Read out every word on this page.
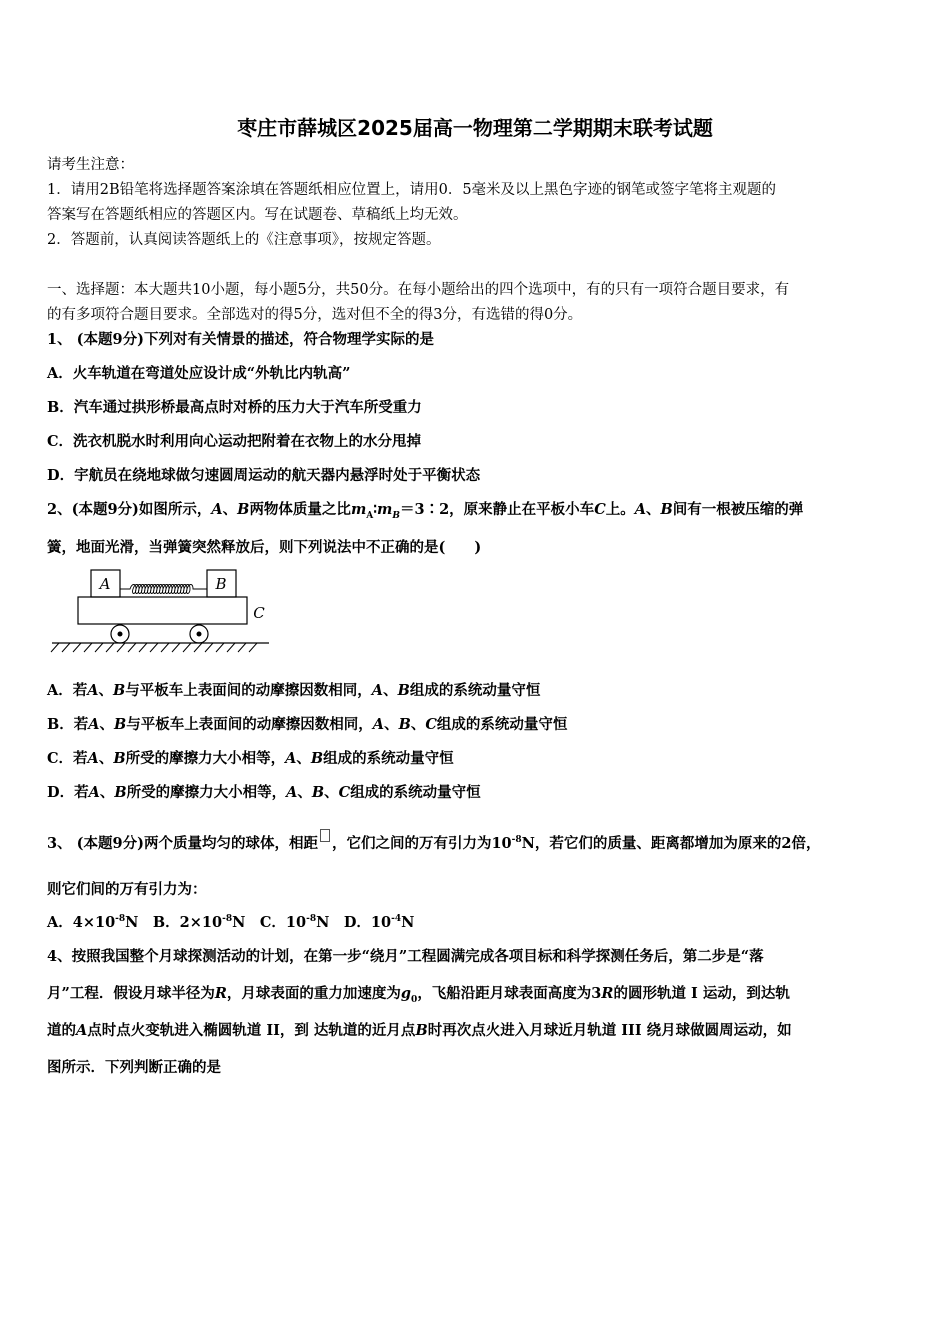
枣庄市薛城区2025届高一物理第二学期期末联考试题
请考生注意：
1．请用2B铅笔将选择题答案涂填在答题纸相应位置上，请用0．5毫米及以上黑色字迹的钢笔或签字笔将主观题的
答案写在答题纸相应的答题区内。写在试题卷、草稿纸上均无效。
2．答题前，认真阅读答题纸上的《注意事项》，按规定答题。
一、选择题：本大题共10小题，每小题5分，共50分。在每小题给出的四个选项中，有的只有一项符合题目要求，有
的有多项符合题目要求。全部选对的得5分，选对但不全的得3分，有选错的得0分。
1、 (本题9分)下列对有关情景的描述，符合物理学实际的是
A．火车轨道在弯道处应设计成“外轨比内轨高”
B．汽车通过拱形桥最高点时对桥的压力大于汽车所受重力
C．洗衣机脱水时利用向心运动把附着在衣物上的水分甩掉
D．宇航员在绕地球做匀速圆周运动的航天器内悬浮时处于平衡状态
2、(本题9分)如图所示，A、B两物体质量之比$m_A∶m_B=3∶2$，原来静止在平板小车C上。A、B间有一根被压缩的弹
簧，地面光滑，当弹簧突然释放后，则下列说法中不正确的是(　　)
A	B
C
A．若A、B与平板车上表面间的动摩擦因数相同，A、B组成的系统动量守恒
B．若A、B与平板车上表面间的动摩擦因数相同，A、B、C组成的系统动量守恒
C．若A、B所受的摩擦力大小相等，A、B组成的系统动量守恒
D．若A、B所受的摩擦力大小相等，A、B、C组成的系统动量守恒
3、 (本题9分)两个质量均匀的球体，相距 ，它们之间的万有引力为$10^{-8}N$，若它们的质量、距离都增加为原来的2倍，
则它们间的万有引力为：
A．$4\times 10^{-8}N$　B．$2\times 10^{-8}N$　C．$10^{-8}N$　D．$10^{-4}N$
4、按照我国整个月球探测活动的计划，在第一步“绕月”工程圆满完成各项目标和科学探测任务后，第二步是“落
月”工程．假设月球半径为R，月球表面的重力加速度为$g_0$，飞船沿距月球表面高度为3R的圆形轨道 I 运动，到达轨
道的A点时点火变轨进入椭圆轨道 II，到 达轨道的近月点B时再次点火进入月球近月轨道 III 绕月球做圆周运动，如
图所示．下列判断正确的是
